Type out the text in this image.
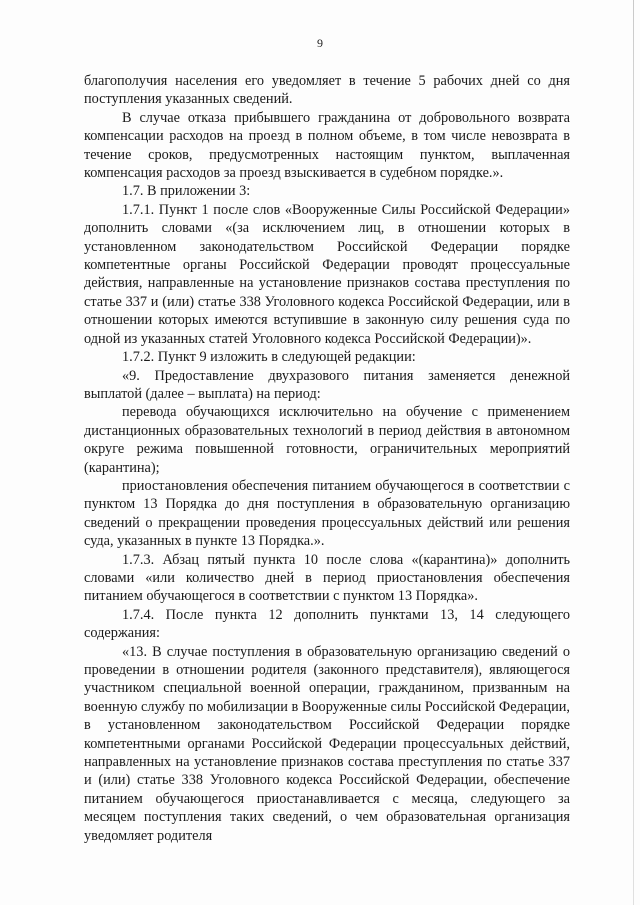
9

благополучия населения его уведомляет в течение 5 рабочих дней со дня поступления указанных сведений.

В случае отказа прибывшего гражданина от добровольного возврата компенсации расходов на проезд в полном объеме, в том числе невозврата в течение сроков, предусмотренных настоящим пунктом, выплаченная компенсация расходов за проезд взыскивается в судебном порядке.».

1.7. В приложении 3:

1.7.1. Пункт 1 после слов «Вооруженные Силы Российской Федерации» дополнить словами «(за исключением лиц, в отношении которых в установленном законодательством Российской Федерации порядке компетентные органы Российской Федерации проводят процессуальные действия, направленные на установление признаков состава преступления по статье 337 и (или) статье 338 Уголовного кодекса Российской Федерации, или в отношении которых имеются вступившие в законную силу решения суда по одной из указанных статей Уголовного кодекса Российской Федерации)».

1.7.2. Пункт 9 изложить в следующей редакции:

«9. Предоставление двухразового питания заменяется денежной выплатой (далее – выплата) на период:

перевода обучающихся исключительно на обучение с применением дистанционных образовательных технологий в период действия в автономном округе режима повышенной готовности, ограничительных мероприятий (карантина);

приостановления обеспечения питанием обучающегося в соответствии с пунктом 13 Порядка до дня поступления в образовательную организацию сведений о прекращении проведения процессуальных действий или решения суда, указанных в пункте 13 Порядка.».

1.7.3. Абзац пятый пункта 10 после слова «(карантина)» дополнить словами «или количество дней в период приостановления обеспечения питанием обучающегося в соответствии с пунктом 13 Порядка».

1.7.4. После пункта 12 дополнить пунктами 13, 14 следующего содержания:

«13. В случае поступления в образовательную организацию сведений о проведении в отношении родителя (законного представителя), являющегося участником специальной военной операции, гражданином, призванным на военную службу по мобилизации в Вооруженные силы Российской Федерации, в установленном законодательством Российской Федерации порядке компетентными органами Российской Федерации процессуальных действий, направленных на установление признаков состава преступления по статье 337 и (или) статье 338 Уголовного кодекса Российской Федерации, обеспечение питанием обучающегося приостанавливается с месяца, следующего за месяцем поступления таких сведений, о чем образовательная организация уведомляет родителя
